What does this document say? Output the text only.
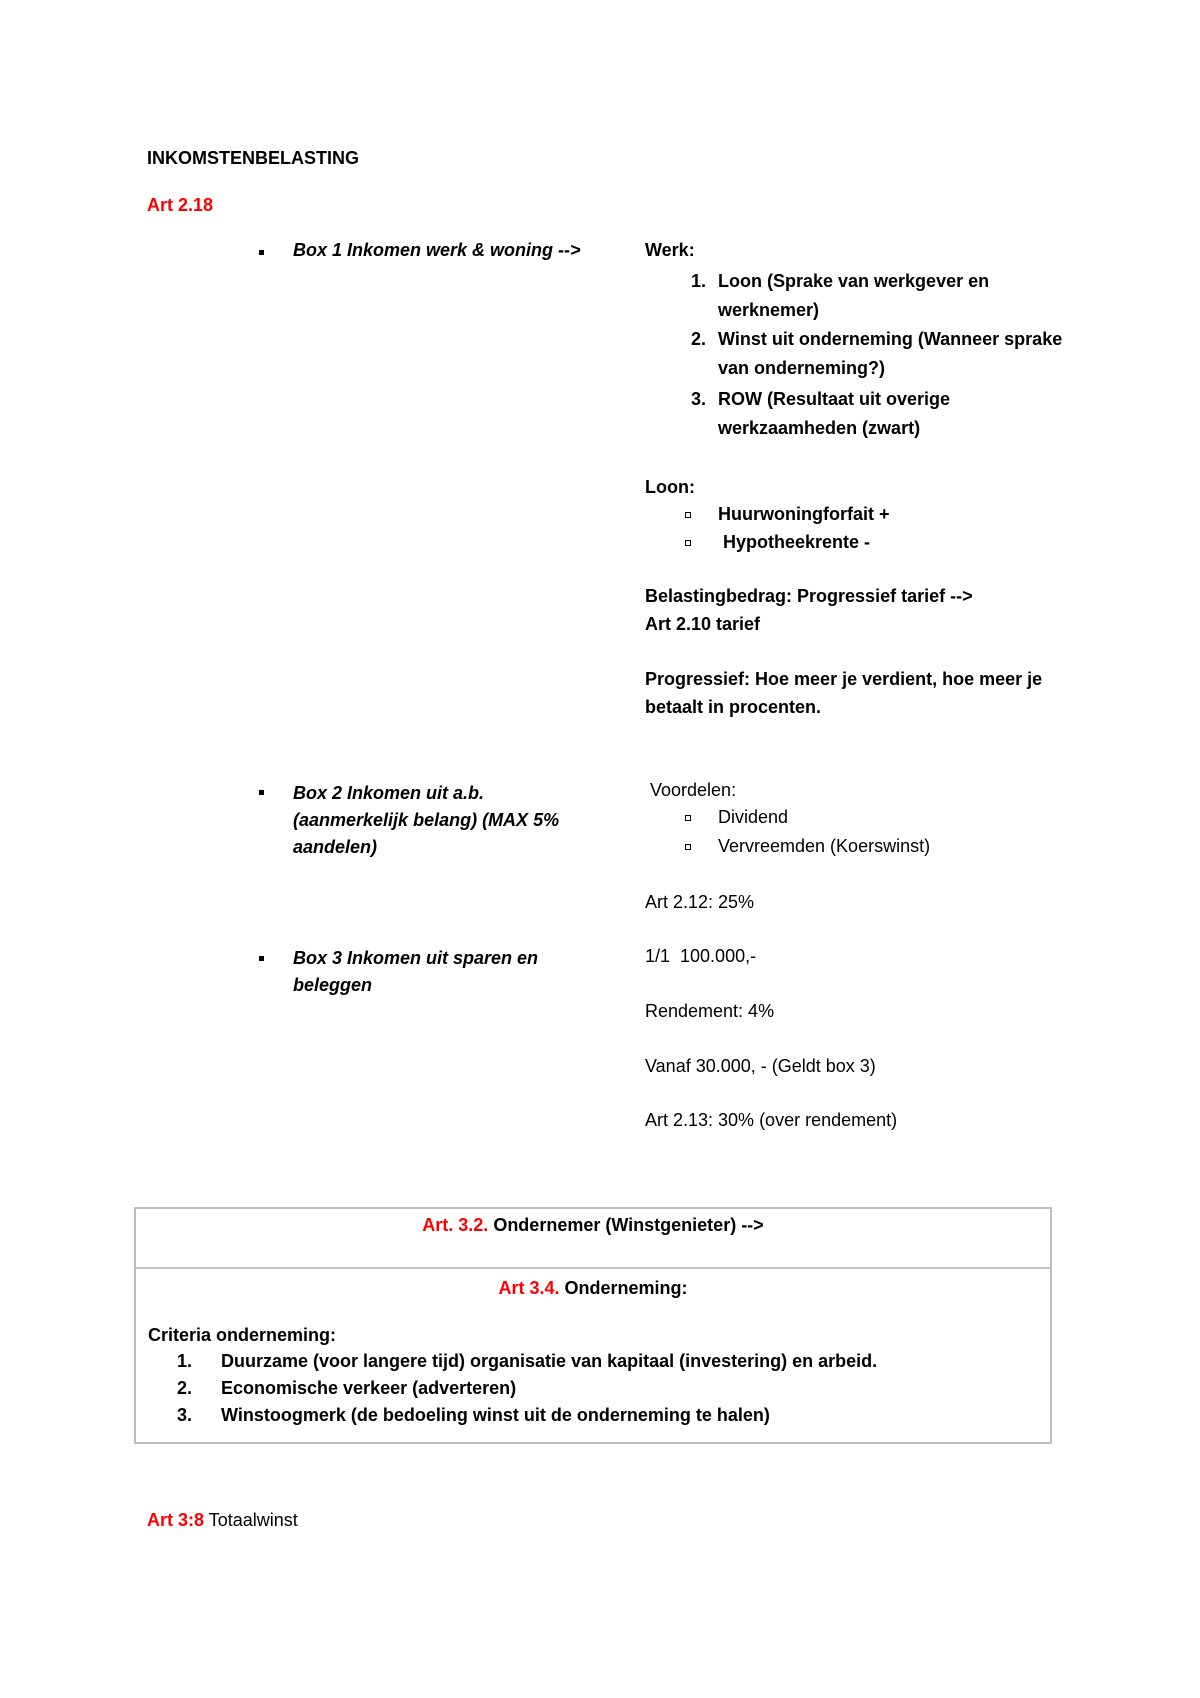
INKOMSTENBELASTING
Art 2.18
Box 1 Inkomen werk & woning -->	Werk:
1. Loon (Sprake van werkgever en
werknemer)
2. Winst uit onderneming (Wanneer sprake
van onderneming?)
3. ROW (Resultaat uit overige
werkzaamheden (zwart)
Loon:
Huurwoningforfait +
Hypotheekrente -
Belastingbedrag: Progressief tarief -->
Art 2.10 tarief
Progressief: Hoe meer je verdient, hoe meer je
betaalt in procenten.
Box 2 Inkomen uit a.b.
(aanmerkelijk belang) (MAX 5%
aandelen)
Voordelen:
Dividend
Vervreemden (Koerswinst)
Art 2.12: 25%
Box 3 Inkomen uit sparen en
beleggen
1/1  100.000,-
Rendement: 4%
Vanaf 30.000, - (Geldt box 3)
Art 2.13: 30% (over rendement)
Art. 3.2. Ondernemer (Winstgenieter) -->

Art 3.4. Onderneming:
Criteria onderneming:
1. Duurzame (voor langere tijd) organisatie van kapitaal (investering) en arbeid.
2. Economische verkeer (adverteren)
3. Winstoogmerk (de bedoeling winst uit de onderneming te halen)
Art 3:8 Totaalwinst
